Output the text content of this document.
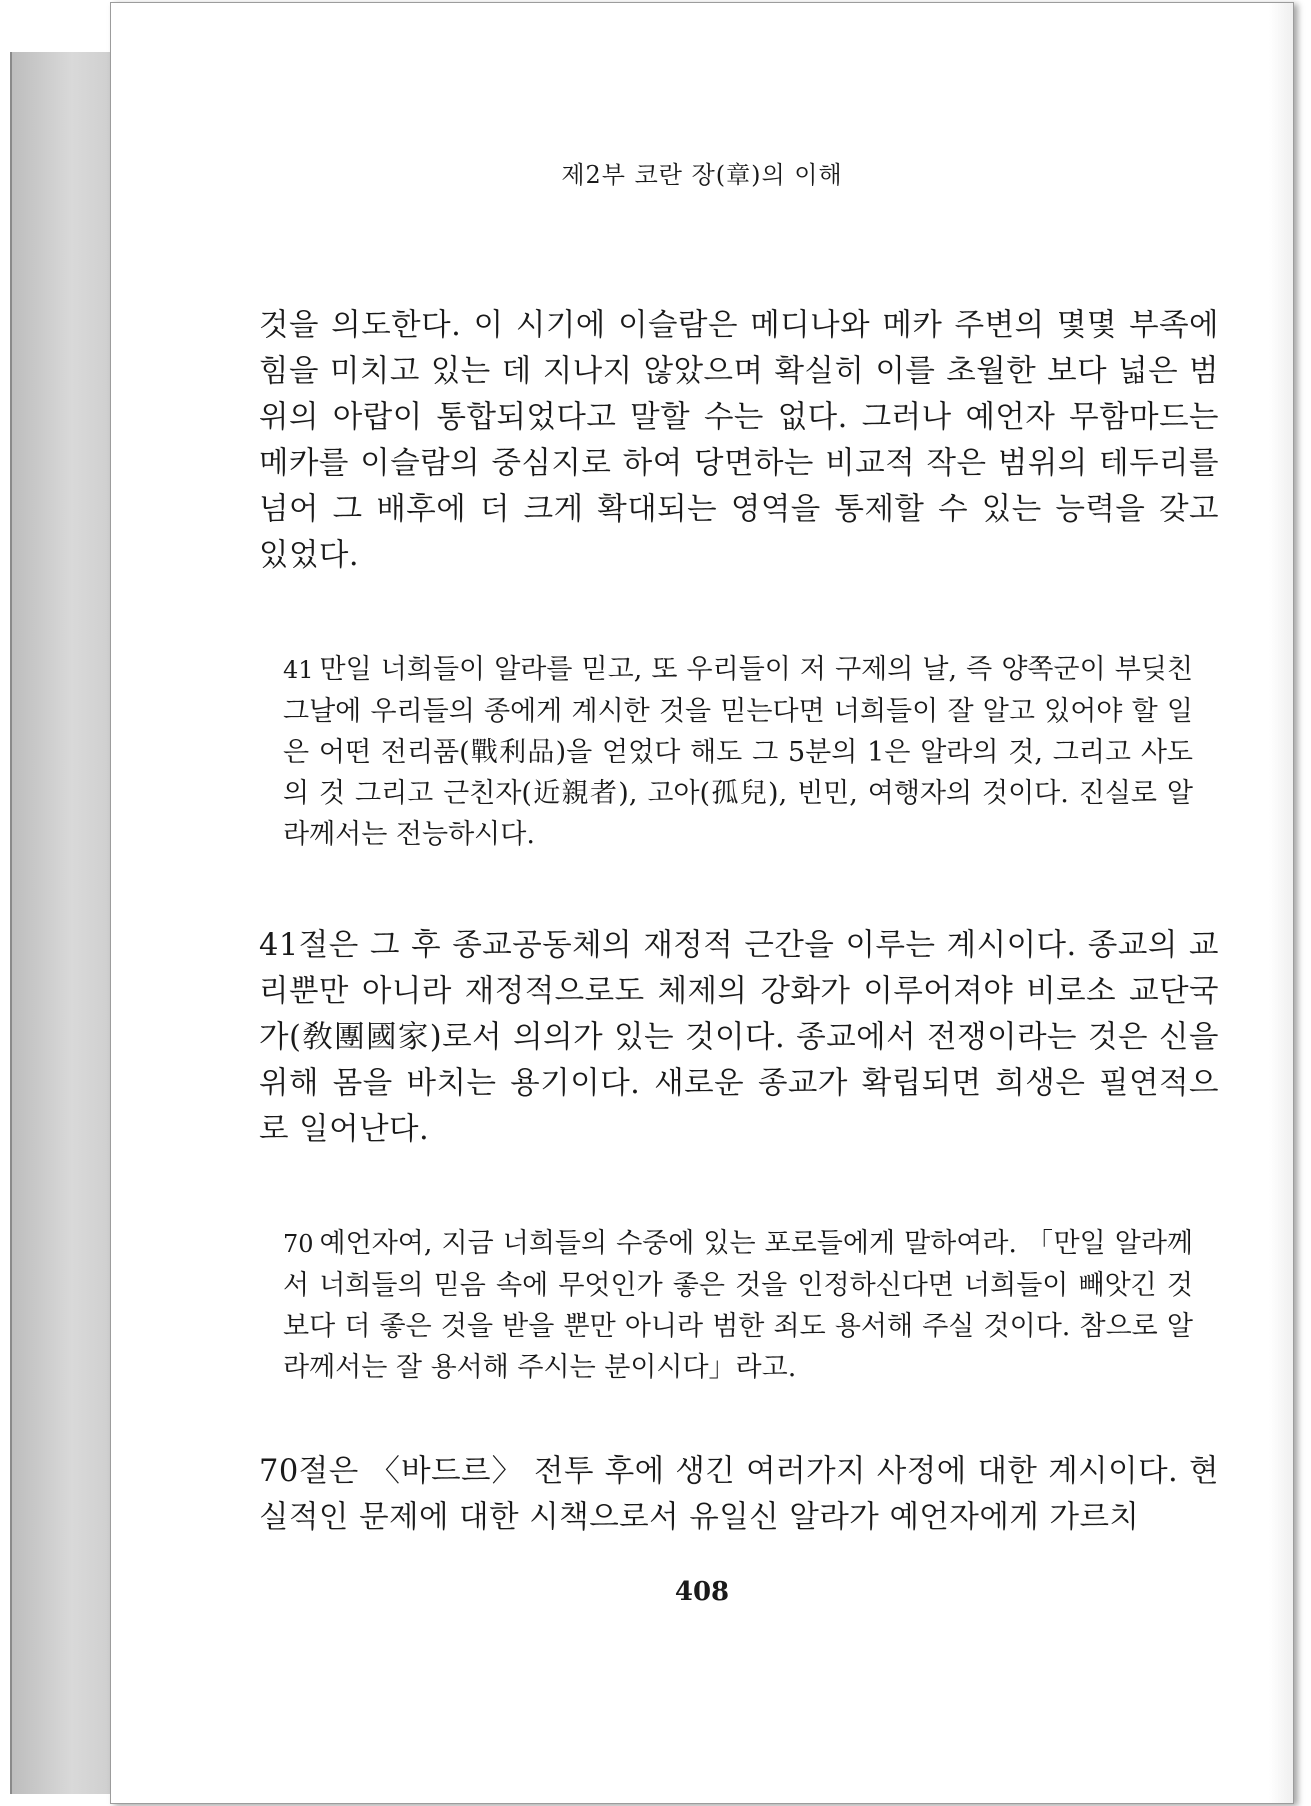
제2부 코란 장(章)의 이해

것을 의도한다. 이 시기에 이슬람은 메디나와 메카 주변의 몇몇 부족에 힘을 미치고 있는 데 지나지 않았으며 확실히 이를 초월한 보다 넓은 범위의 아랍이 통합되었다고 말할 수는 없다. 그러나 예언자 무함마드는 메카를 이슬람의 중심지로 하여 당면하는 비교적 작은 범위의 테두리를 넘어 그 배후에 더 크게 확대되는 영역을 통제할 수 있는 능력을 갖고 있었다.

41 만일 너희들이 알라를 믿고, 또 우리들이 저 구제의 날, 즉 양쪽군이 부딪친 그날에 우리들의 종에게 계시한 것을 믿는다면 너희들이 잘 알고 있어야 할 일은 어떤 전리품(戰利品)을 얻었다 해도 그 5분의 1은 알라의 것, 그리고 사도의 것 그리고 근친자(近親者), 고아(孤兒), 빈민, 여행자의 것이다. 진실로 알라께서는 전능하시다.

41절은 그 후 종교공동체의 재정적 근간을 이루는 계시이다. 종교의 교리뿐만 아니라 재정적으로도 체제의 강화가 이루어져야 비로소 교단국가(敎團國家)로서 의의가 있는 것이다. 종교에서 전쟁이라는 것은 신을 위해 몸을 바치는 용기이다. 새로운 종교가 확립되면 희생은 필연적으로 일어난다.

70 예언자여, 지금 너희들의 수중에 있는 포로들에게 말하여라. 「만일 알라께서 너희들의 믿음 속에 무엇인가 좋은 것을 인정하신다면 너희들이 빼앗긴 것보다 더 좋은 것을 받을 뿐만 아니라 범한 죄도 용서해 주실 것이다. 참으로 알라께서는 잘 용서해 주시는 분이시다」라고.

70절은 〈바드르〉 전투 후에 생긴 여러가지 사정에 대한 계시이다. 현실적인 문제에 대한 시책으로서 유일신 알라가 예언자에게 가르치

408
